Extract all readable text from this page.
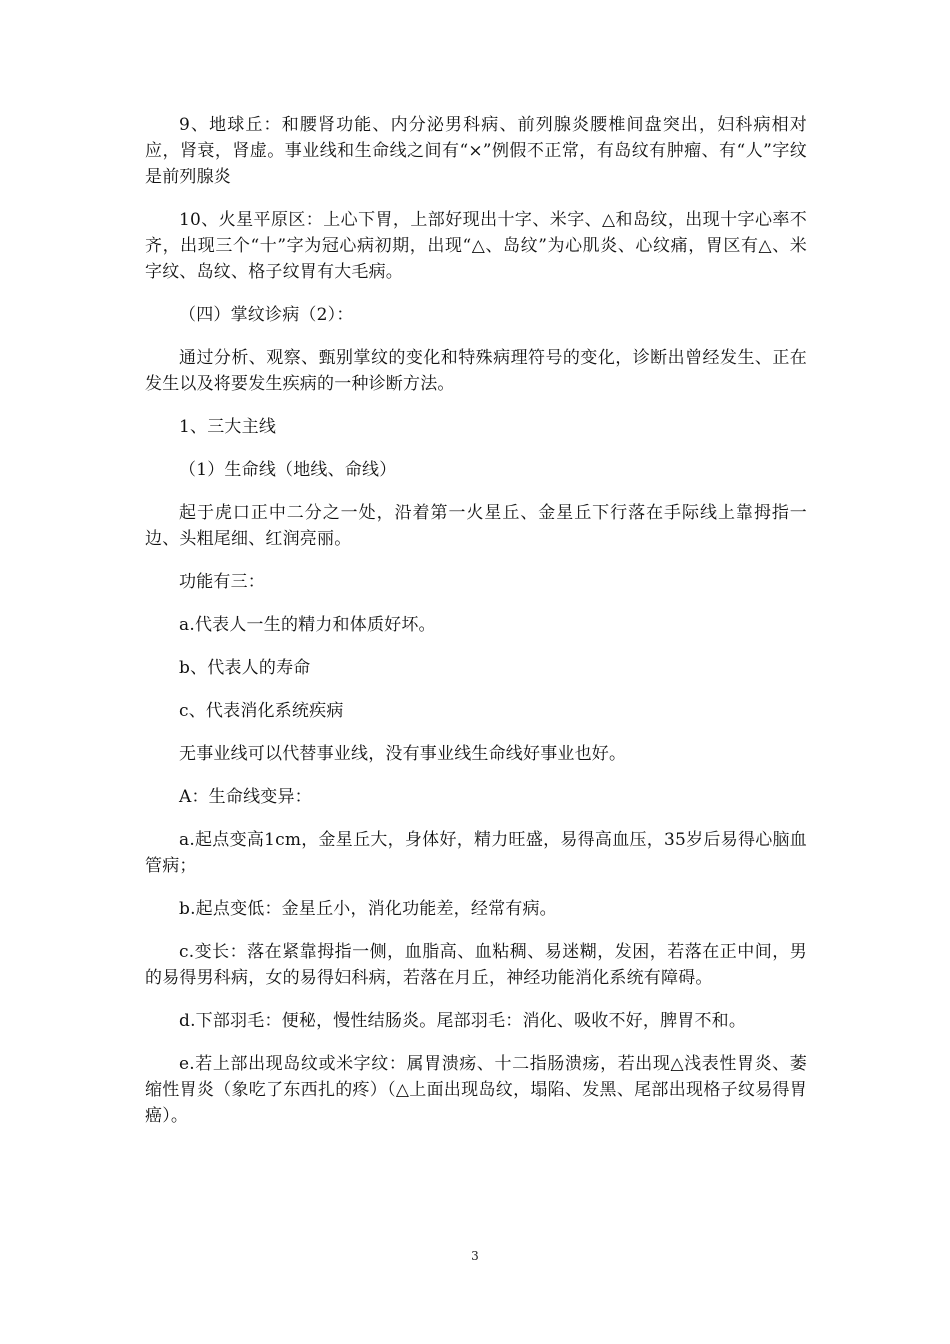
9、地球丘：和腰肾功能、内分泌男科病、前列腺炎腰椎间盘突出，妇科病相对应，肾衰，肾虚。事业线和生命线之间有“×”例假不正常，有岛纹有肿瘤、有“人”字纹是前列腺炎

10、火星平原区：上心下胃，上部好现出十字、米字、△和岛纹，出现十字心率不齐，出现三个“十”字为冠心病初期，出现“△、岛纹”为心肌炎、心纹痛，胃区有△、米字纹、岛纹、格子纹胃有大毛病。

（四）掌纹诊病（2）：

通过分析、观察、甄别掌纹的变化和特殊病理符号的变化，诊断出曾经发生、正在发生以及将要发生疾病的一种诊断方法。

1、三大主线

（1）生命线（地线、命线）

起于虎口正中二分之一处，沿着第一火星丘、金星丘下行落在手际线上靠拇指一边、头粗尾细、红润亮丽。

功能有三：

a.代表人一生的精力和体质好坏。

b、代表人的寿命

c、代表消化系统疾病

无事业线可以代替事业线，没有事业线生命线好事业也好。

A：生命线变异：

a.起点变高1cm，金星丘大，身体好，精力旺盛，易得高血压，35岁后易得心脑血管病；

b.起点变低：金星丘小，消化功能差，经常有病。

c.变长：落在紧靠拇指一侧，血脂高、血粘稠、易迷糊，发困，若落在正中间，男的易得男科病，女的易得妇科病，若落在月丘，神经功能消化系统有障碍。

d.下部羽毛：便秘，慢性结肠炎。尾部羽毛：消化、吸收不好，脾胃不和。

e.若上部出现岛纹或米字纹：属胃溃疡、十二指肠溃疡，若出现△浅表性胃炎、萎缩性胃炎（象吃了东西扎的疼）（△上面出现岛纹，塌陷、发黑、尾部出现格子纹易得胃癌）。

3
